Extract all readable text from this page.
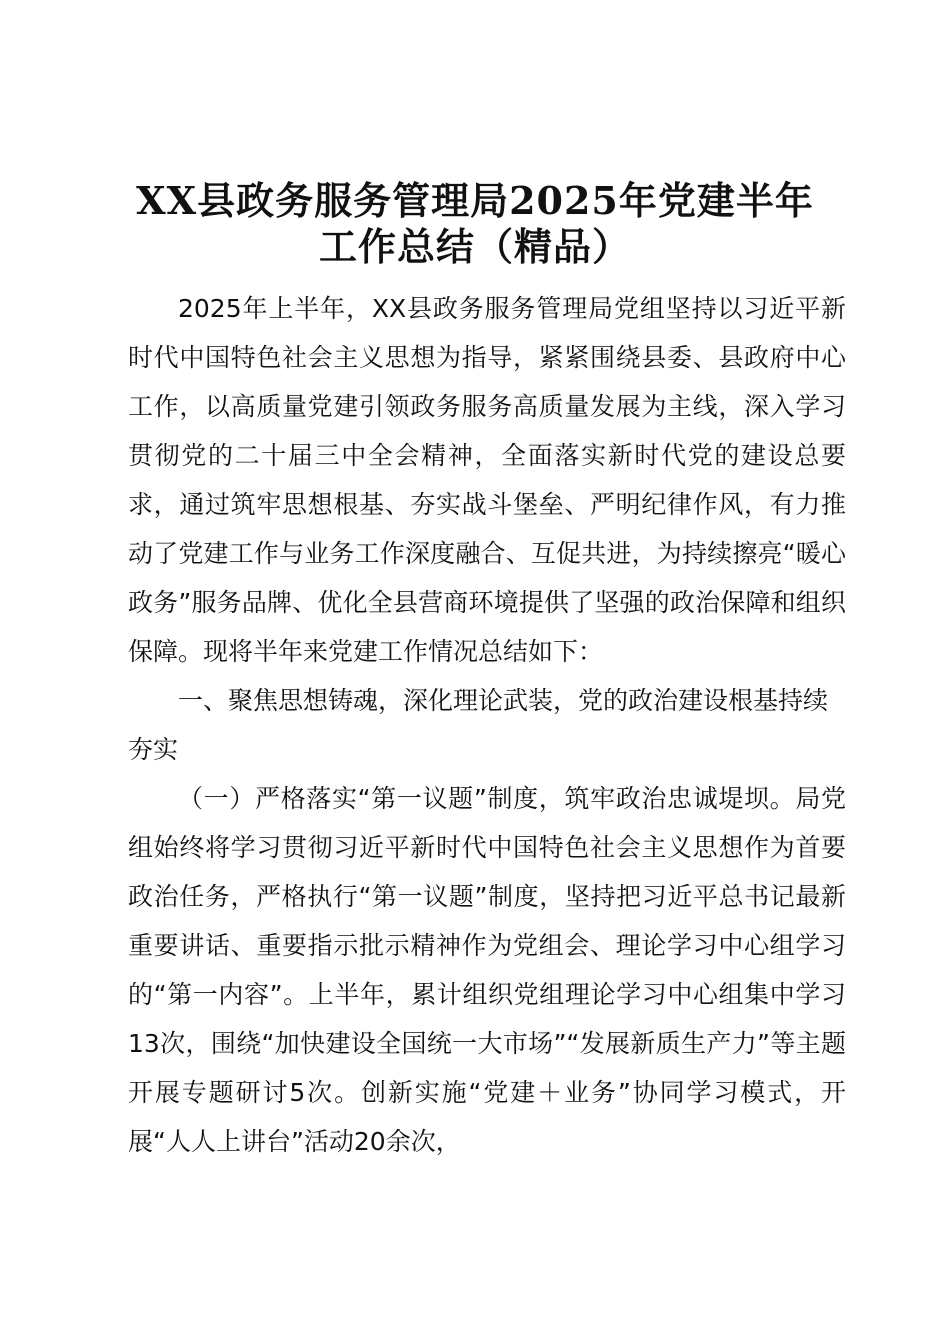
XX县政务服务管理局2025年党建半年
工作总结（精品）

2025年上半年，XX县政务服务管理局党组坚持以习近平新时代中国特色社会主义思想为指导，紧紧围绕县委、县政府中心工作，以高质量党建引领政务服务高质量发展为主线，深入学习贯彻党的二十届三中全会精神，全面落实新时代党的建设总要求，通过筑牢思想根基、夯实战斗堡垒、严明纪律作风，有力推动了党建工作与业务工作深度融合、互促共进，为持续擦亮“暖心政务”服务品牌、优化全县营商环境提供了坚强的政治保障和组织保障。现将半年来党建工作情况总结如下：

一、聚焦思想铸魂，深化理论武装，党的政治建设根基持续夯实

（一）严格落实“第一议题”制度，筑牢政治忠诚堤坝。局党组始终将学习贯彻习近平新时代中国特色社会主义思想作为首要政治任务，严格执行“第一议题”制度，坚持把习近平总书记最新重要讲话、重要指示批示精神作为党组会、理论学习中心组学习的“第一内容”。上半年，累计组织党组理论学习中心组集中学习13次，围绕“加快建设全国统一大市场”“发展新质生产力”等主题开展专题研讨5次。创新实施“党建＋业务”协同学习模式，开展“人人上讲台”活动20余次，
